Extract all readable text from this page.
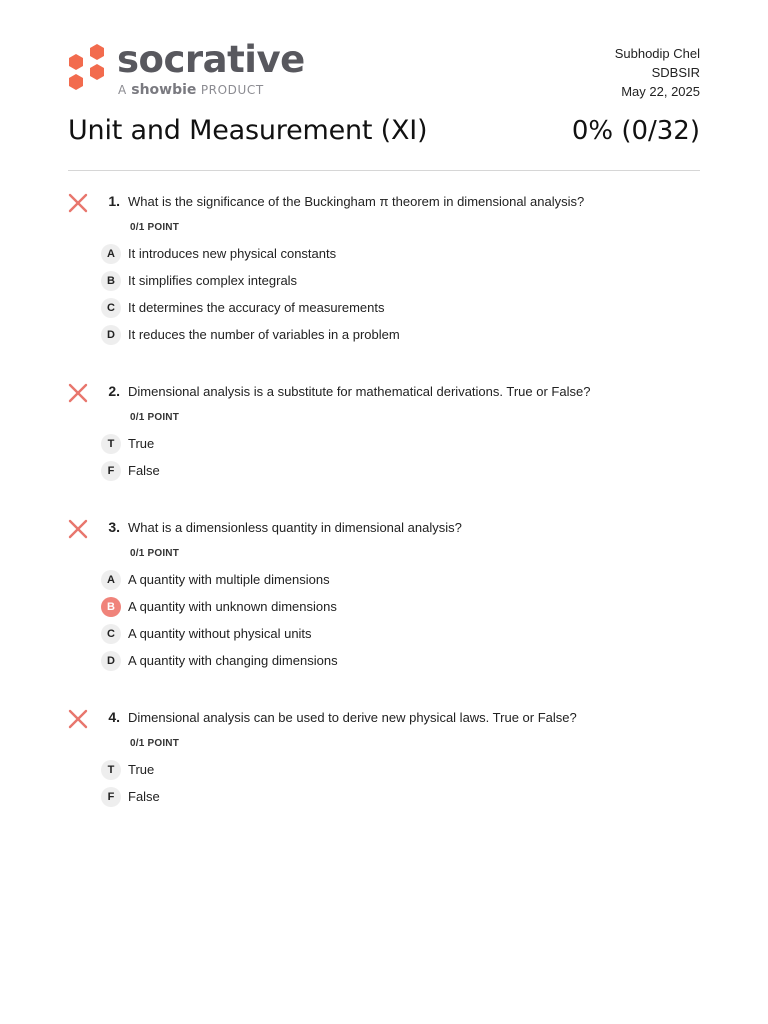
socrative
A showbie PRODUCT
Subhodip Chel
SDBSIR
May 22, 2025
Unit and Measurement (XI)	0% (0/32)
1. What is the significance of the Buckingham π theorem in dimensional analysis?
0/1 POINT
A	It introduces new physical constants
B	It simplifies complex integrals
C	It determines the accuracy of measurements
D	It reduces the number of variables in a problem
2. Dimensional analysis is a substitute for mathematical derivations. True or False?
0/1 POINT
T	True
F	False
3. What is a dimensionless quantity in dimensional analysis?
0/1 POINT
A	A quantity with multiple dimensions
B	A quantity with unknown dimensions
C	A quantity without physical units
D	A quantity with changing dimensions
4. Dimensional analysis can be used to derive new physical laws. True or False?
0/1 POINT
T	True
F	False
